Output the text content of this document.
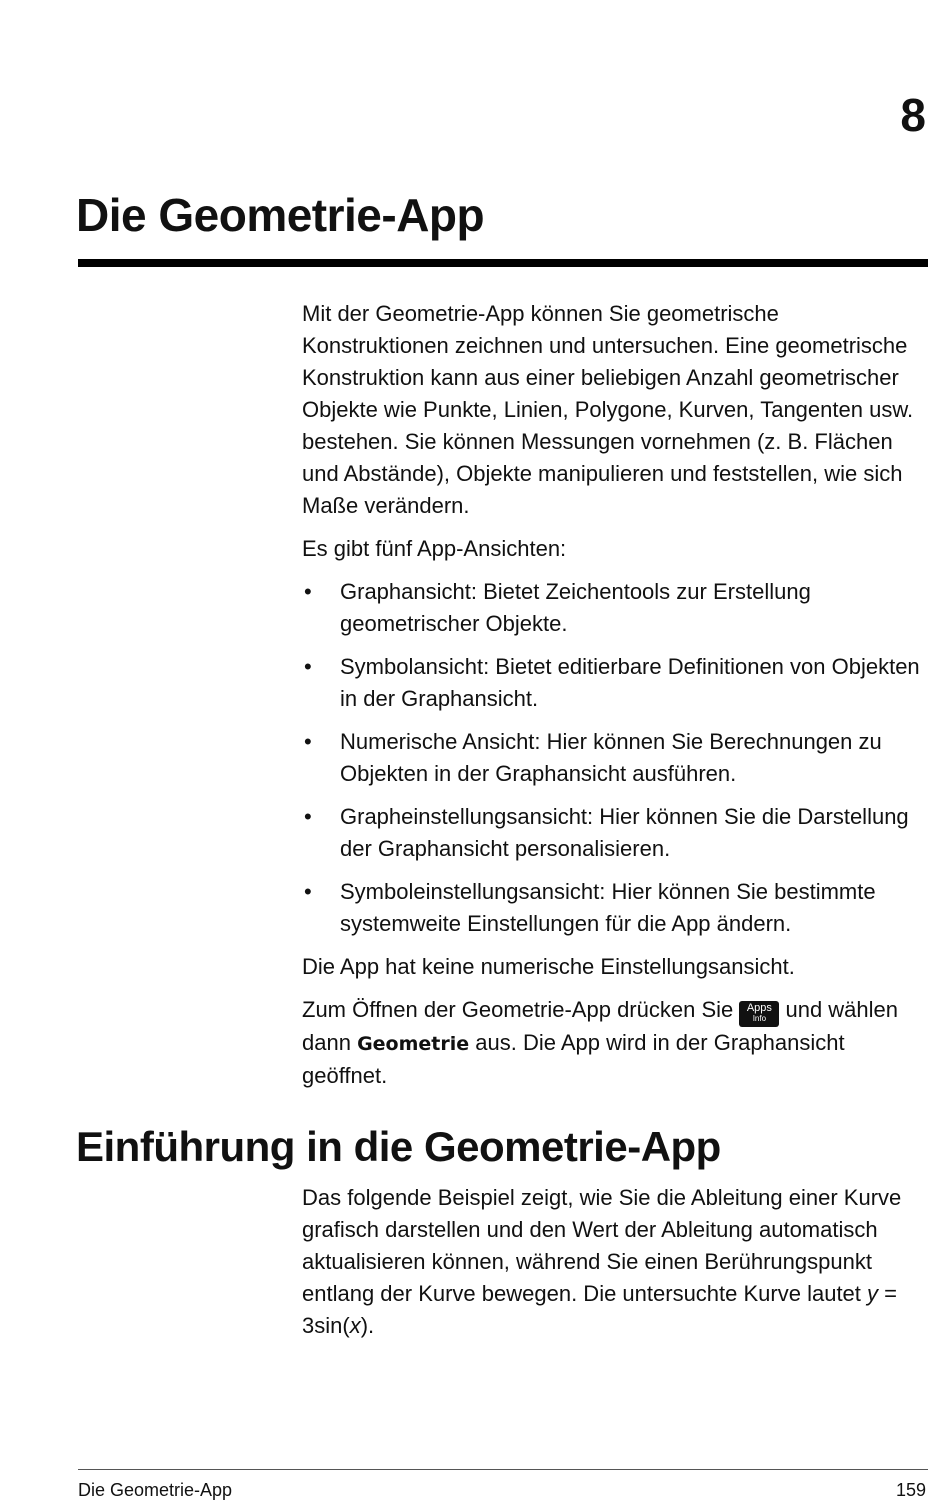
8
Die Geometrie-App

Mit der Geometrie-App können Sie geometrische Konstruktionen zeichnen und untersuchen. Eine geometrische Konstruktion kann aus einer beliebigen Anzahl geometrischer Objekte wie Punkte, Linien, Polygone, Kurven, Tangenten usw. bestehen. Sie können Messungen vornehmen (z. B. Flächen und Abstände), Objekte manipulieren und feststellen, wie sich Maße verändern.

Es gibt fünf App-Ansichten:

• Graphansicht: Bietet Zeichentools zur Erstellung geometrischer Objekte.
• Symbolansicht: Bietet editierbare Definitionen von Objekten in der Graphansicht.
• Numerische Ansicht: Hier können Sie Berechnungen zu Objekten in der Graphansicht ausführen.
• Grapheinstellungsansicht: Hier können Sie die Darstellung der Graphansicht personalisieren.
• Symboleinstellungsansicht: Hier können Sie bestimmte systemweite Einstellungen für die App ändern.

Die App hat keine numerische Einstellungsansicht.

Zum Öffnen der Geometrie-App drücken Sie Apps
Info und wählen dann Geometrie aus. Die App wird in der Graphansicht geöffnet.

Einführung in die Geometrie-App

Das folgende Beispiel zeigt, wie Sie die Ableitung einer Kurve grafisch darstellen und den Wert der Ableitung automatisch aktualisieren können, während Sie einen Berührungspunkt entlang der Kurve bewegen. Die untersuchte Kurve lautet y = 3sin(x).

Die Geometrie-App	159
